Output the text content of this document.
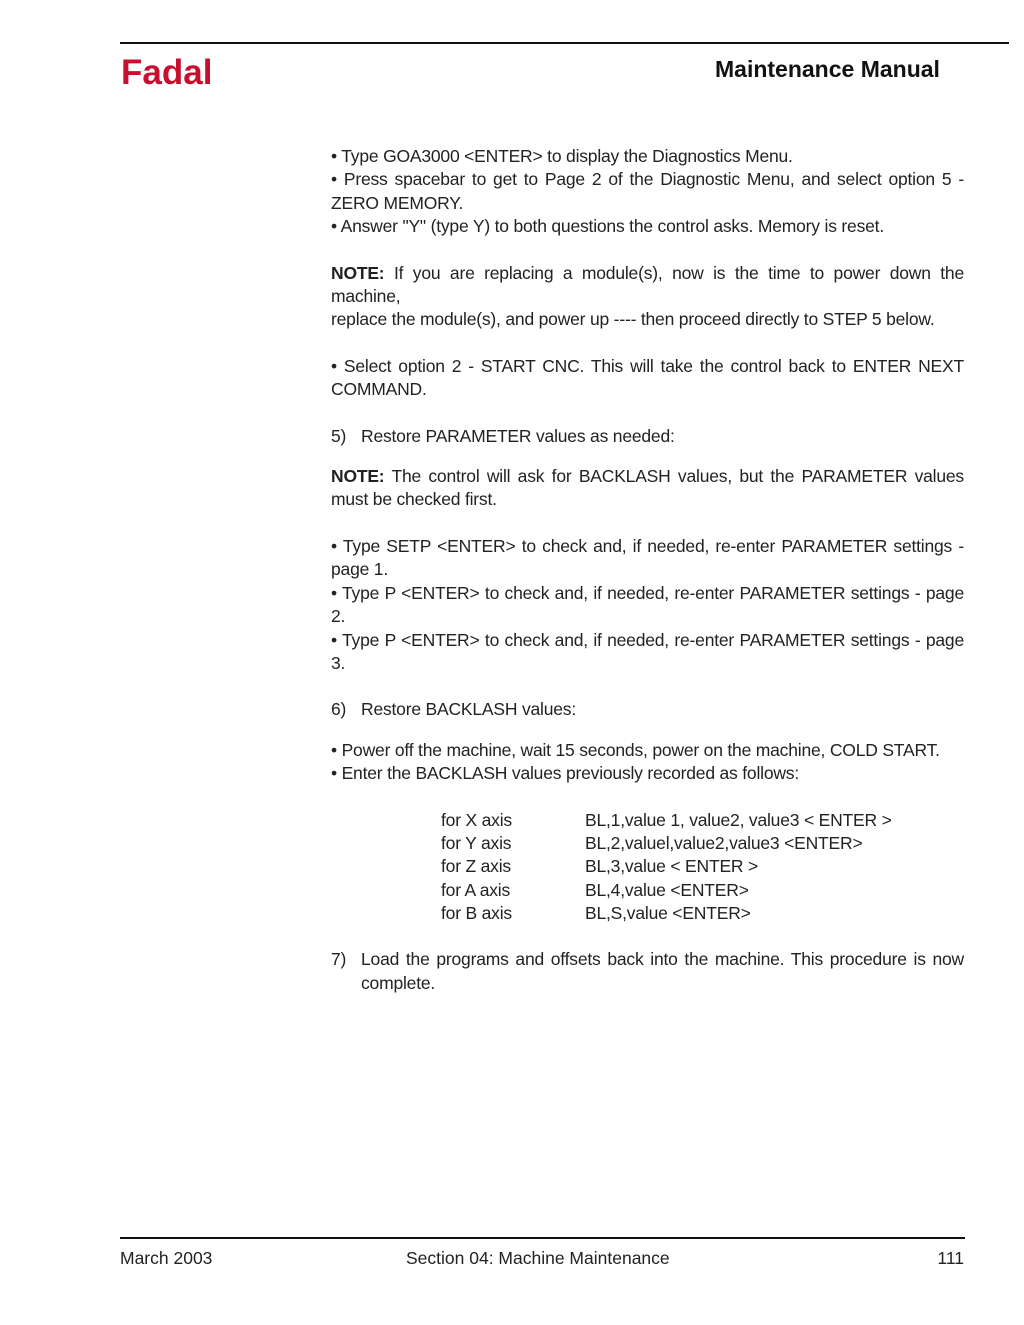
Fadal	Maintenance Manual

• Type GOA3000 <ENTER> to display the Diagnostics Menu.

• Press spacebar to get to Page 2 of the Diagnostic Menu, and select option 5 - ZERO MEMORY.

• Answer "Y" (type Y) to both questions the control asks. Memory is reset.

NOTE: If you are replacing a module(s), now is the time to power down the machine,

replace the module(s), and power up ---- then proceed directly to STEP 5 below.

• Select option 2 - START CNC. This will take the control back to ENTER NEXT COMMAND.

5) Restore PARAMETER values as needed:

NOTE: The control will ask for BACKLASH values, but the PARAMETER values must be checked first.

• Type SETP <ENTER> to check and, if needed, re-enter PARAMETER settings - page 1.

• Type P <ENTER> to check and, if needed, re-enter PARAMETER settings - page 2.

• Type P <ENTER> to check and, if needed, re-enter PARAMETER settings - page 3.

6) Restore BACKLASH values:

• Power off the machine, wait 15 seconds, power on the machine, COLD START.

• Enter the BACKLASH values previously recorded as follows:

for X axis	BL,1,value 1, value2, value3 < ENTER >
for Y axis	BL,2,valuel,value2,value3 <ENTER>
for Z axis	BL,3,value < ENTER >
for A axis	BL,4,value <ENTER>
for B axis	BL,S,value <ENTER>
7) Load the programs and offsets back into the machine. This procedure is now complete.
March 2003	Section 04: Machine Maintenance	111
